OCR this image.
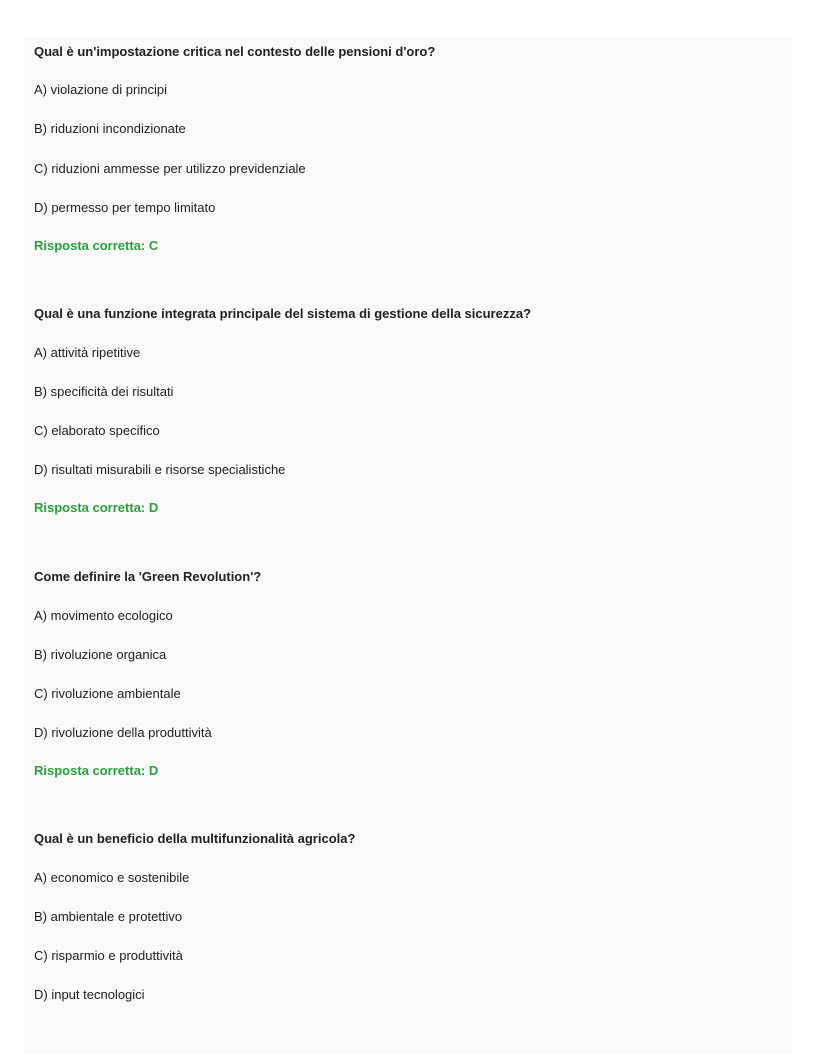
Qual è un'impostazione critica nel contesto delle pensioni d'oro?
A) violazione di principi
B) riduzioni incondizionate
C) riduzioni ammesse per utilizzo previdenziale
D) permesso per tempo limitato
Risposta corretta: C
Qual è una funzione integrata principale del sistema di gestione della sicurezza?
A) attività ripetitive
B) specificità dei risultati
C) elaborato specifico
D) risultati misurabili e risorse specialistiche
Risposta corretta: D
Come definire la 'Green Revolution'?
A) movimento ecologico
B) rivoluzione organica
C) rivoluzione ambientale
D) rivoluzione della produttività
Risposta corretta: D
Qual è un beneficio della multifunzionalità agricola?
A) economico e sostenibile
B) ambientale e protettivo
C) risparmio e produttività
D) input tecnologici
